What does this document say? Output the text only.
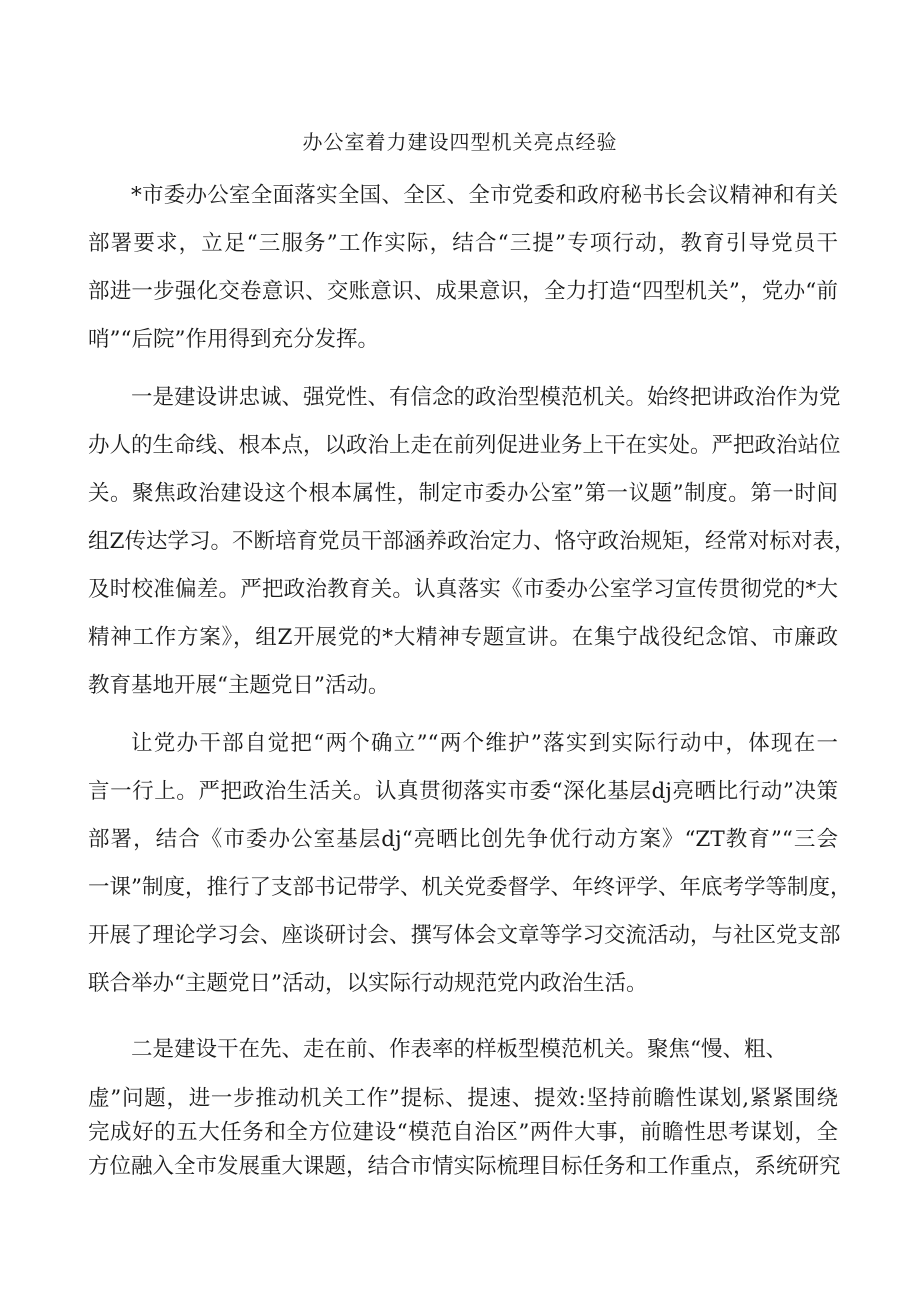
办公室着力建设四型机关亮点经验
*市委办公室全面落实全国、全区、全市党委和政府秘书长会议精神和有关
部署要求，立足“三服务”工作实际，结合“三提”专项行动，教育引导党员干
部进一步强化交卷意识、交账意识、成果意识，全力打造“四型机关”，党办“前
哨”“后院”作用得到充分发挥。
一是建设讲忠诚、强党性、有信念的政治型模范机关。始终把讲政治作为党
办人的生命线、根本点，以政治上走在前列促进业务上干在实处。严把政治站位
关。聚焦政治建设这个根本属性，制定市委办公室”第一议题”制度。第一时间
组Z传达学习。不断培育党员干部涵养政治定力、恪守政治规矩，经常对标对表，
及时校准偏差。严把政治教育关。认真落实《市委办公室学习宣传贯彻党的*大
精神工作方案》，组Z开展党的*大精神专题宣讲。在集宁战役纪念馆、市廉政
教育基地开展“主题党日”活动。
让党办干部自觉把“两个确立”“两个维护”落实到实际行动中，体现在一
言一行上。严把政治生活关。认真贯彻落实市委“深化基层dj亮晒比行动”决策
部署，结合《市委办公室基层dj“亮晒比创先争优行动方案》“ZT教育”“三会
一课”制度，推行了支部书记带学、机关党委督学、年终评学、年底考学等制度，
开展了理论学习会、座谈研讨会、撰写体会文章等学习交流活动，与社区党支部
联合举办“主题党日”活动，以实际行动规范党内政治生活。
二是建设干在先、走在前、作表率的样板型模范机关。聚焦“慢、粗、
虚”问题，进一步推动机关工作”提标、提速、提效:坚持前瞻性谋划,紧紧围绕
完成好的五大任务和全方位建设“模范自治区”两件大事，前瞻性思考谋划，全
方位融入全市发展重大课题，结合市情实际梳理目标任务和工作重点，系统研究
